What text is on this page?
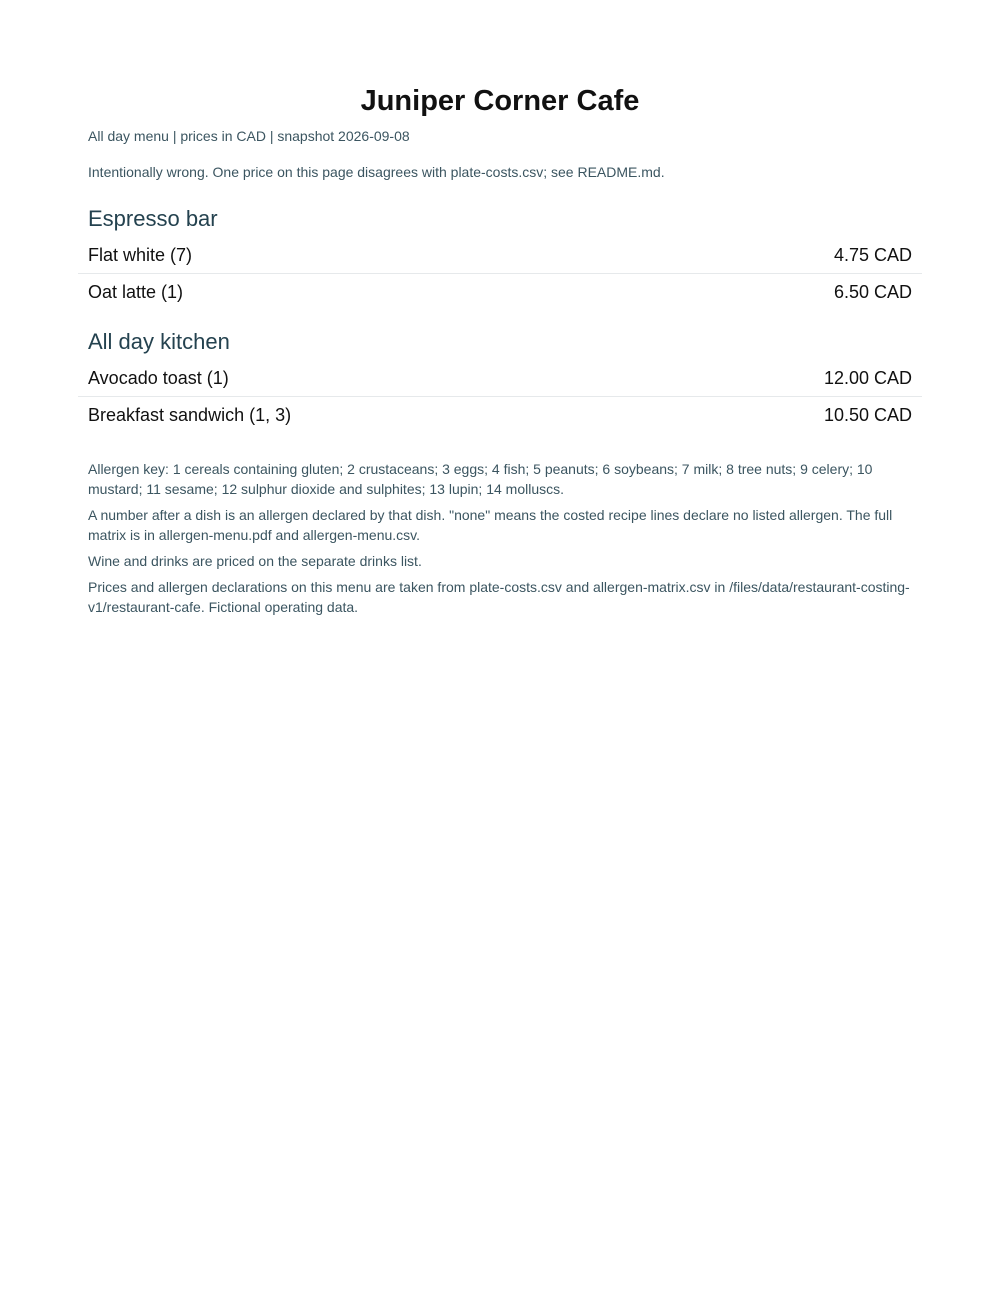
Juniper Corner Cafe
All day menu | prices in CAD | snapshot 2026-09-08
Intentionally wrong. One price on this page disagrees with plate-costs.csv; see README.md.
Espresso bar
Flat white (7)	4.75 CAD
Oat latte (1)	6.50 CAD
All day kitchen
Avocado toast (1)	12.00 CAD
Breakfast sandwich (1, 3)	10.50 CAD

Allergen key: 1 cereals containing gluten; 2 crustaceans; 3 eggs; 4 fish; 5 peanuts; 6 soybeans; 7 milk; 8 tree nuts; 9 celery; 10 mustard; 11 sesame; 12 sulphur dioxide and sulphites; 13 lupin; 14 molluscs.

A number after a dish is an allergen declared by that dish. "none" means the costed recipe lines declare no listed allergen. The full matrix is in allergen-menu.pdf and allergen-menu.csv.

Wine and drinks are priced on the separate drinks list.

Prices and allergen declarations on this menu are taken from plate-costs.csv and allergen-matrix.csv in /files/data/restaurant-costing-v1/restaurant-cafe. Fictional operating data.
